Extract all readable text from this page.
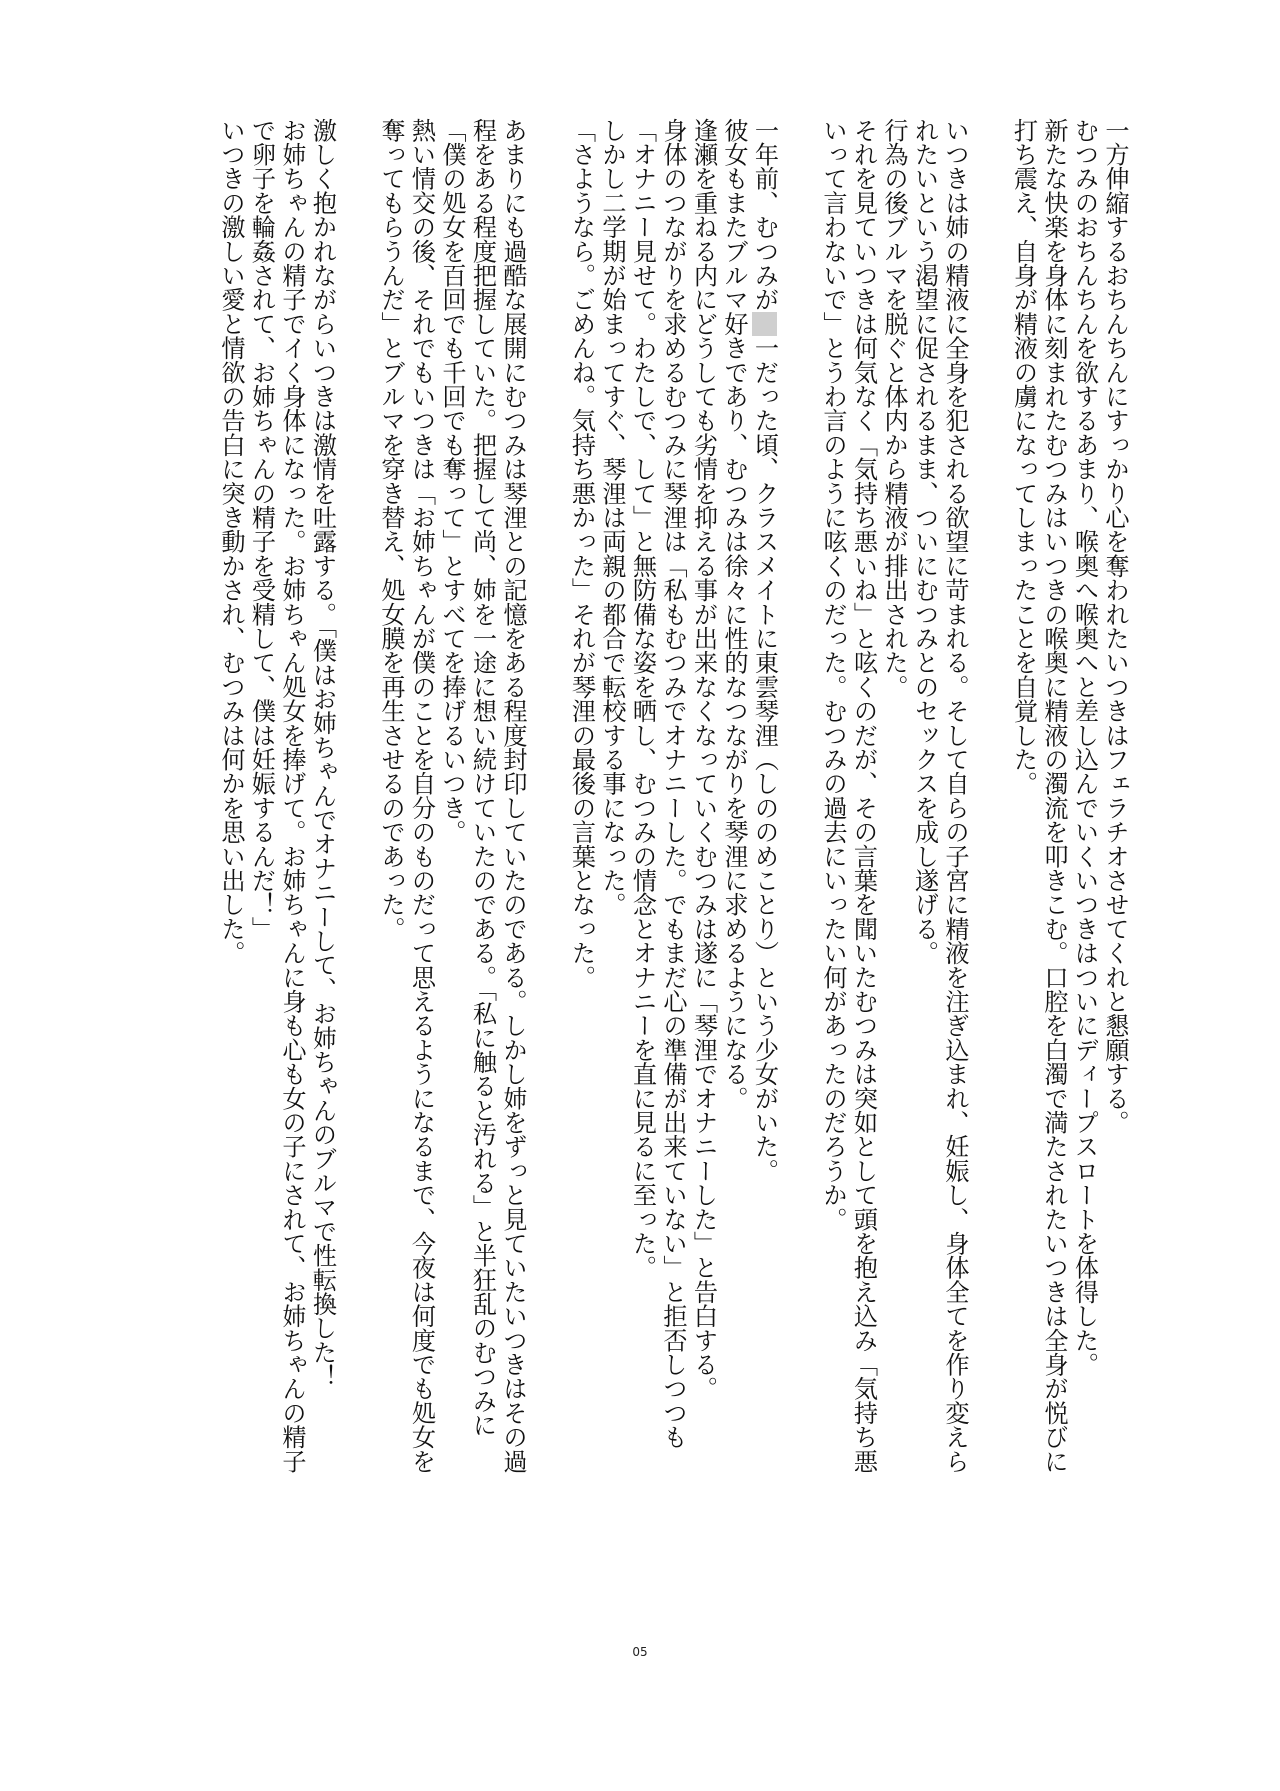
一方伸縮するおちんちんにすっかり心を奪われたいつきはフェラチオさせてくれと懇願する。
むつみのおちんちんを欲するあまり、喉奥へ喉奥へと差し込んでいくいつきはついにディープスロートを体得した。
新たな快楽を身体に刻まれたむつみはいつきの喉奥に精液の濁流を叩きこむ。口腔を白濁で満たされたいつきは全身が悦びに
打ち震え、自身が精液の虜になってしまったことを自覚した。
いつきは姉の精液に全身を犯される欲望に苛まれる。そして自らの子宮に精液を注ぎ込まれ、妊娠し、身体全てを作り変えら
れたいという渇望に促されるまま、ついにむつみとのセックスを成し遂げる。
行為の後ブルマを脱ぐと体内から精液が排出された。
それを見ていつきは何気なく「気持ち悪いね」と呟くのだが、その言葉を聞いたむつみは突如として頭を抱え込み「気持ち悪
いって言わないで」とうわ言のように呟くのだった。むつみの過去にいったい何があったのだろうか。
一年前、むつみが一だった頃、クラスメイトに東雲琴浬（しののめことり）という少女がいた。
彼女もまたブルマ好きであり、むつみは徐々に性的なつながりを琴浬に求めるようになる。
逢瀬を重ねる内にどうしても劣情を抑える事が出来なくなっていくむつみは遂に「琴浬でオナニーした」と告白する。
身体のつながりを求めるむつみに琴浬は「私もむつみでオナニーした。でもまだ心の準備が出来ていない」と拒否しつつも
「オナニー見せて。わたしで、して」と無防備な姿を晒し、むつみの情念とオナニーを直に見るに至った。
しかし二学期が始まってすぐ、琴浬は両親の都合で転校する事になった。
「さようなら。ごめんね。気持ち悪かった」それが琴浬の最後の言葉となった。
あまりにも過酷な展開にむつみは琴浬との記憶をある程度封印していたのである。しかし姉をずっと見ていたいつきはその過
程をある程度把握していた。把握して尚、姉を一途に想い続けていたのである。「私に触ると汚れる」と半狂乱のむつみに
「僕の処女を百回でも千回でも奪って」とすべてを捧げるいつき。
熱い情交の後、それでもいつきは「お姉ちゃんが僕のことを自分のものだって思えるようになるまで、今夜は何度でも処女を
奪ってもらうんだ」とブルマを穿き替え、処女膜を再生させるのであった。
激しく抱かれながらいつきは激情を吐露する。「僕はお姉ちゃんでオナニーして、お姉ちゃんのブルマで性転換した！
お姉ちゃんの精子でイく身体になった。お姉ちゃん処女を捧げて。お姉ちゃんに身も心も女の子にされて、お姉ちゃんの精子
で卵子を輪姦されて、お姉ちゃんの精子を受精して、僕は妊娠するんだ！」
いつきの激しい愛と情欲の告白に突き動かされ、むつみは何かを思い出した。
05
